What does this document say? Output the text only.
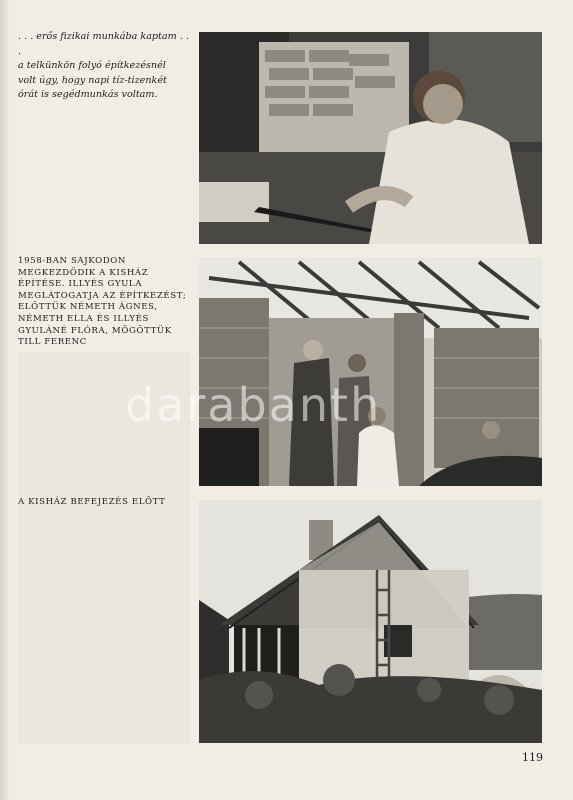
. . . erős fizikai munkába kaptam . . .
a telkünkön folyó építkezésnél
volt úgy, hogy napi tíz-tizenkét
órát is segédmunkás voltam.
1958-BAN SAJKODON
MEGKEZDŐDIK A KISHÁZ
ÉPÍTÉSE. ILLYÉS GYULA
MEGLÁTOGATJA AZ ÉPÍTKEZÉST;
ELŐTTÜK NÉMETH ÁGNES,
NÉMETH ELLA ÉS ILLYÉS
GYULÁNÉ FLÓRA, MÖGÖTTÜK
TILL FERENC
A KISHÁZ BEFEJEZÉS ELŐTT
darabanth
119
